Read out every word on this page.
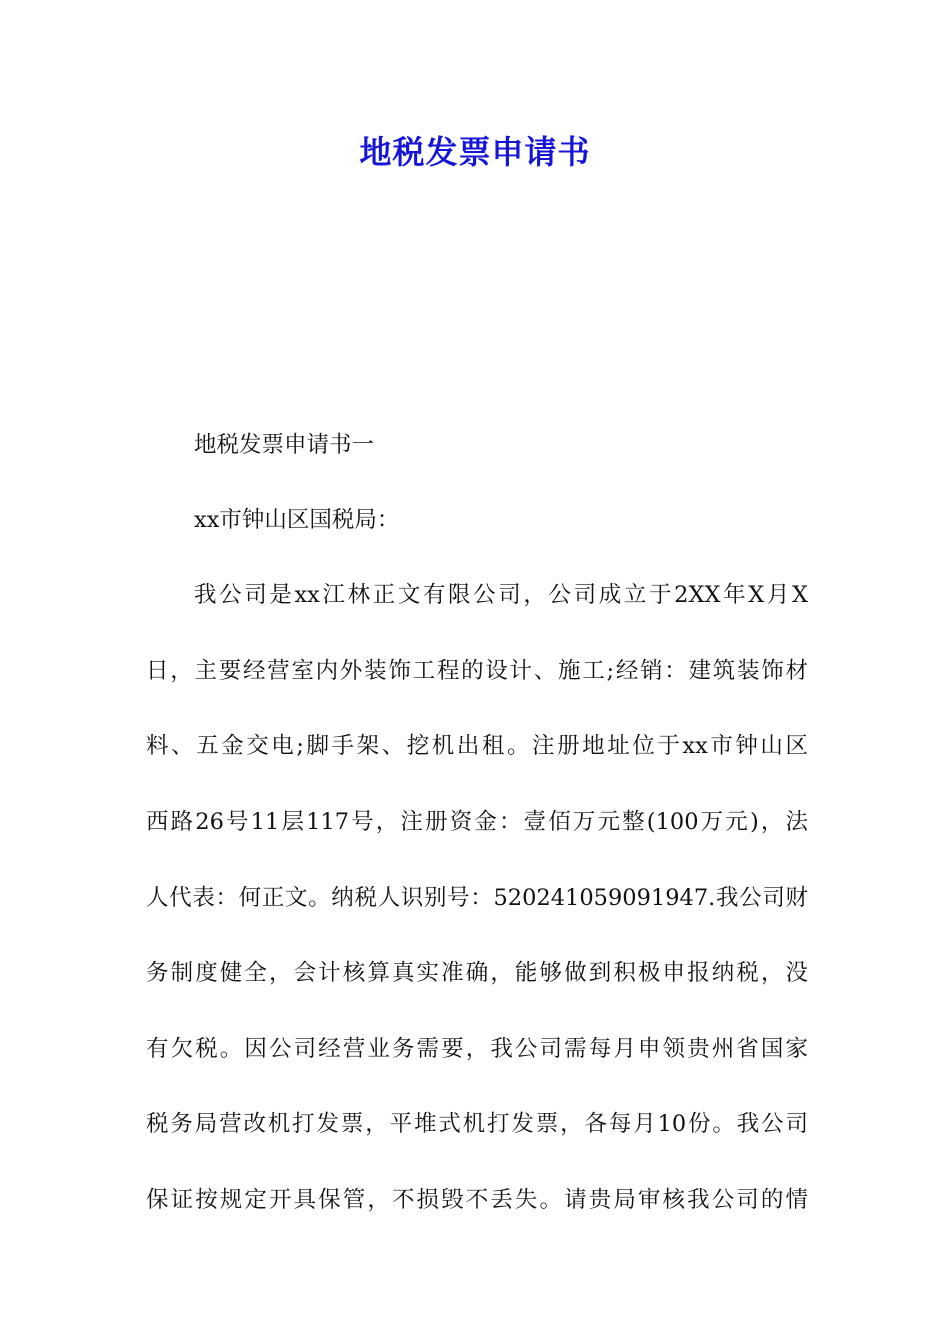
地税发票申请书
地税发票申请书一
xx市钟山区国税局：
我公司是xx江林正文有限公司，公司成立于2XX年X月X
日，主要经营室内外装饰工程的设计、施工;经销：建筑装饰材
料、五金交电;脚手架、挖机出租。注册地址位于xx市钟山区
西路26号11层117号，注册资金：壹佰万元整(100万元)，法
人代表：何正文。纳税人识别号：520241059091947.我公司财
务制度健全，会计核算真实准确，能够做到积极申报纳税，没
有欠税。因公司经营业务需要，我公司需每月申领贵州省国家
税务局营改机打发票，平堆式机打发票，各每月10份。我公司
保证按规定开具保管，不损毁不丢失。请贵局审核我公司的情
